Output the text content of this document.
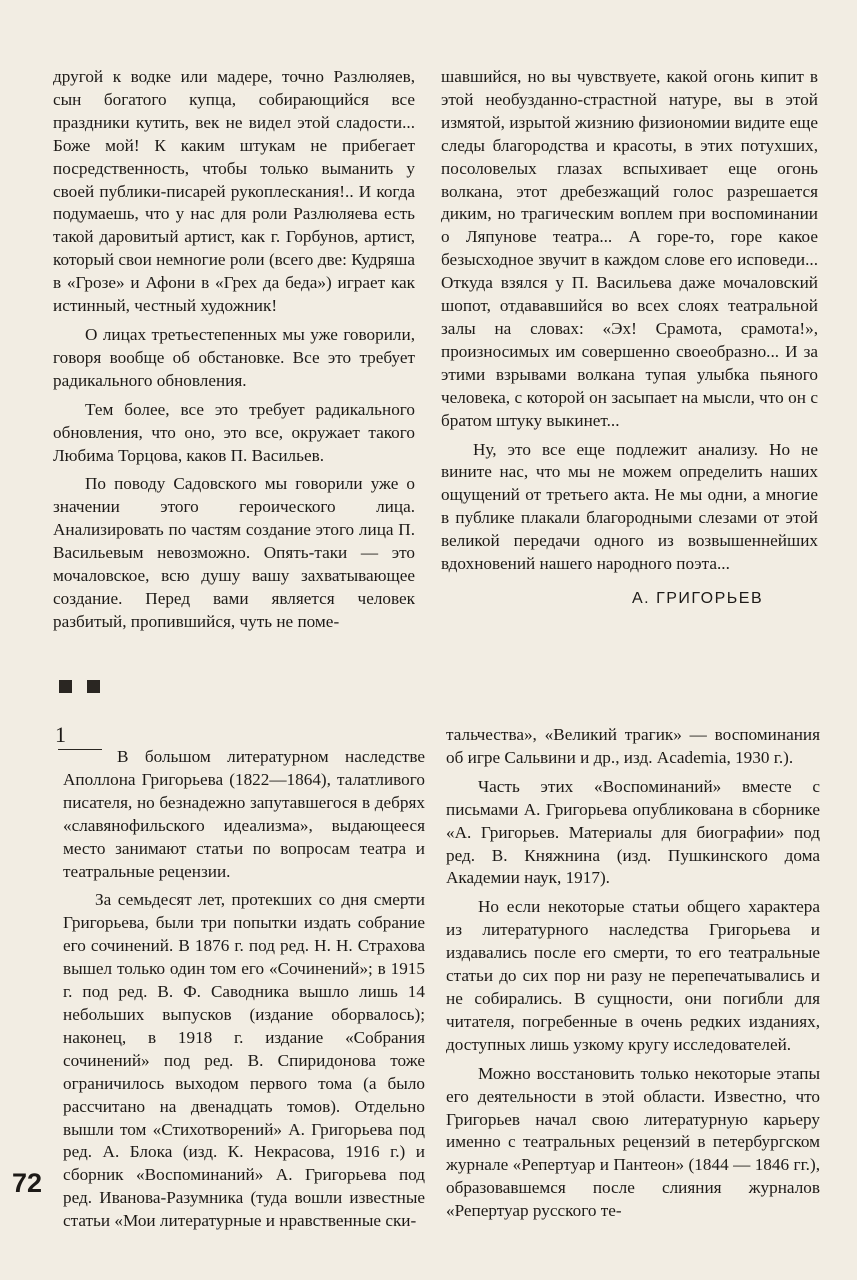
другой к водке или мадере, точно Разлюляев, сын богатого купца, собирающийся все праздники кутить, век не видел этой сладости... Боже мой! К каким штукам не прибегает посредственность, чтобы только выманить у своей публики-писарей рукоплескания!.. И когда подумаешь, что у нас для роли Разлюляева есть такой даровитый артист, как г. Горбунов, артист, который свои немногие роли (всего две: Кудряша в «Грозе» и Афони в «Грех да беда») играет как истинный, честный художник!

О лицах третьестепенных мы уже говорили, говоря вообще об обстановке. Все это требует радикального обновления.

Тем более, все это требует радикального обновления, что оно, это все, окружает такого Любима Торцова, каков П. Васильев.

По поводу Садовского мы говорили уже о значении этого героического лица. Анализировать по частям создание этого лица П. Васильевым невозможно. Опять-таки — это мочаловское, всю душу вашу захватывающее создание. Перед вами является человек разбитый, пропившийся, чуть не поме-

шавшийся, но вы чувствуете, какой огонь кипит в этой необузданно-страстной натуре, вы в этой измятой, изрытой жизнию физиономии видите еще следы благородства и красоты, в этих потухших, посоловелых глазах вспыхивает еще огонь волкана, этот дребезжащий голос разрешается диким, но трагическим воплем при воспоминании о Ляпунове театра... А горе-то, горе какое безысходное звучит в каждом слове его исповеди... Откуда взялся у П. Васильева даже мочаловский шопот, отдававшийся во всех слоях театральной залы на словах: «Эх! Срамота, срамота!», произносимых им совершенно своеобразно... И за этими взрывами волкана тупая улыбка пьяного человека, с которой он засыпает на мысли, что он с братом штуку выкинет...

Ну, это все еще подлежит анализу. Но не вините нас, что мы не можем определить наших ощущений от третьего акта. Не мы одни, а многие в публике плакали благородными слезами от этой великой передачи одного из возвышеннейших вдохновений нашего народного поэта...

А. ГРИГОРЬЕВ
1

В большом литературном наследстве Аполлона Григорьева (1822—1864), талатливого писателя, но безнадежно запутавшегося в дебрях «славянофильского идеализма», выдающееся место занимают статьи по вопросам театра и театральные рецензии.

За семьдесят лет, протекших со дня смерти Григорьева, были три попытки издать собрание его сочинений. В 1876 г. под ред. Н. Н. Страхова вышел только один том его «Сочинений»; в 1915 г. под ред. В. Ф. Саводника вышло лишь 14 небольших выпусков (издание оборвалось); наконец, в 1918 г. издание «Собрания сочинений» под ред. В. Спиридонова тоже ограничилось выходом первого тома (а было рассчитано на двенадцать томов). Отдельно вышли том «Стихотворений» А. Григорьева под ред. А. Блока (изд. К. Некрасова, 1916 г.) и сборник «Воспоминаний» А. Григорьева под ред. Иванова-Разумника (туда вошли известные статьи «Мои литературные и нравственные ски-

тальчества», «Великий трагик» — воспоминания об игре Сальвини и др., изд. Academia, 1930 г.).

Часть этих «Воспоминаний» вместе с письмами А. Григорьева опубликована в сборнике «А. Григорьев. Материалы для биографии» под ред. В. Княжнина (изд. Пушкинского дома Академии наук, 1917).

Но если некоторые статьи общего характера из литературного наследства Григорьева и издавались после его смерти, то его театральные статьи до сих пор ни разу не перепечатывались и не собирались. В сущности, они погибли для читателя, погребенные в очень редких изданиях, доступных лишь узкому кругу исследователей.

Можно восстановить только некоторые этапы его деятельности в этой области. Известно, что Григорьев начал свою литературную карьеру именно с театральных рецензий в петербургском журнале «Репертуар и Пантеон» (1844 — 1846 гг.), образовавшемся после слияния журналов «Репертуар русского те-

72
